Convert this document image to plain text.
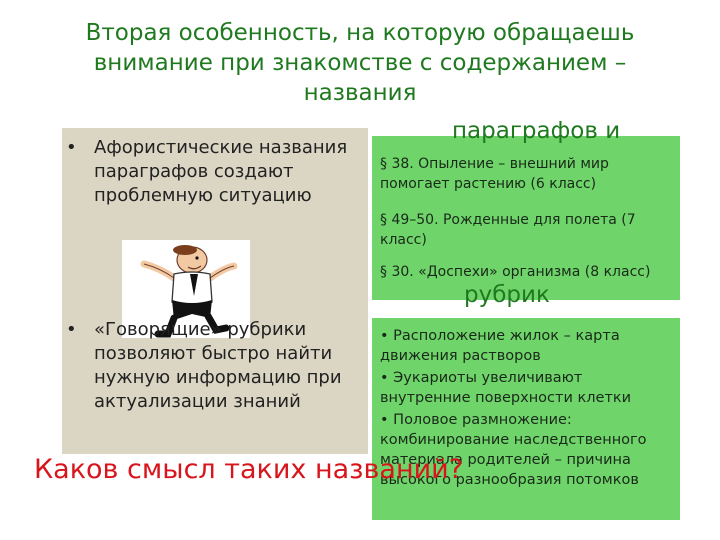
Вторая особенность, на которую обращаешь
внимание при знакомстве с содержанием –
названия
• Афористические названия параграфов создают проблемную ситуацию
• «Говорящие» рубрики позволяют быстро найти нужную информацию при актуализации знаний
§ 38. Опыление – внешний мир помогает растению (6 класс)
§ 49–50. Рожденные для полета (7 класс)
§ 30. «Доспехи» организма (8 класс)
• Расположение жилок – карта движения растворов
• Эукариоты увеличивают внутренние поверхности клетки
• Половое размножение: комбинирование наследственного материала родителей – причина высокого разнообразия потомков
параграфов и
рубрик
Каков смысл таких названий?
